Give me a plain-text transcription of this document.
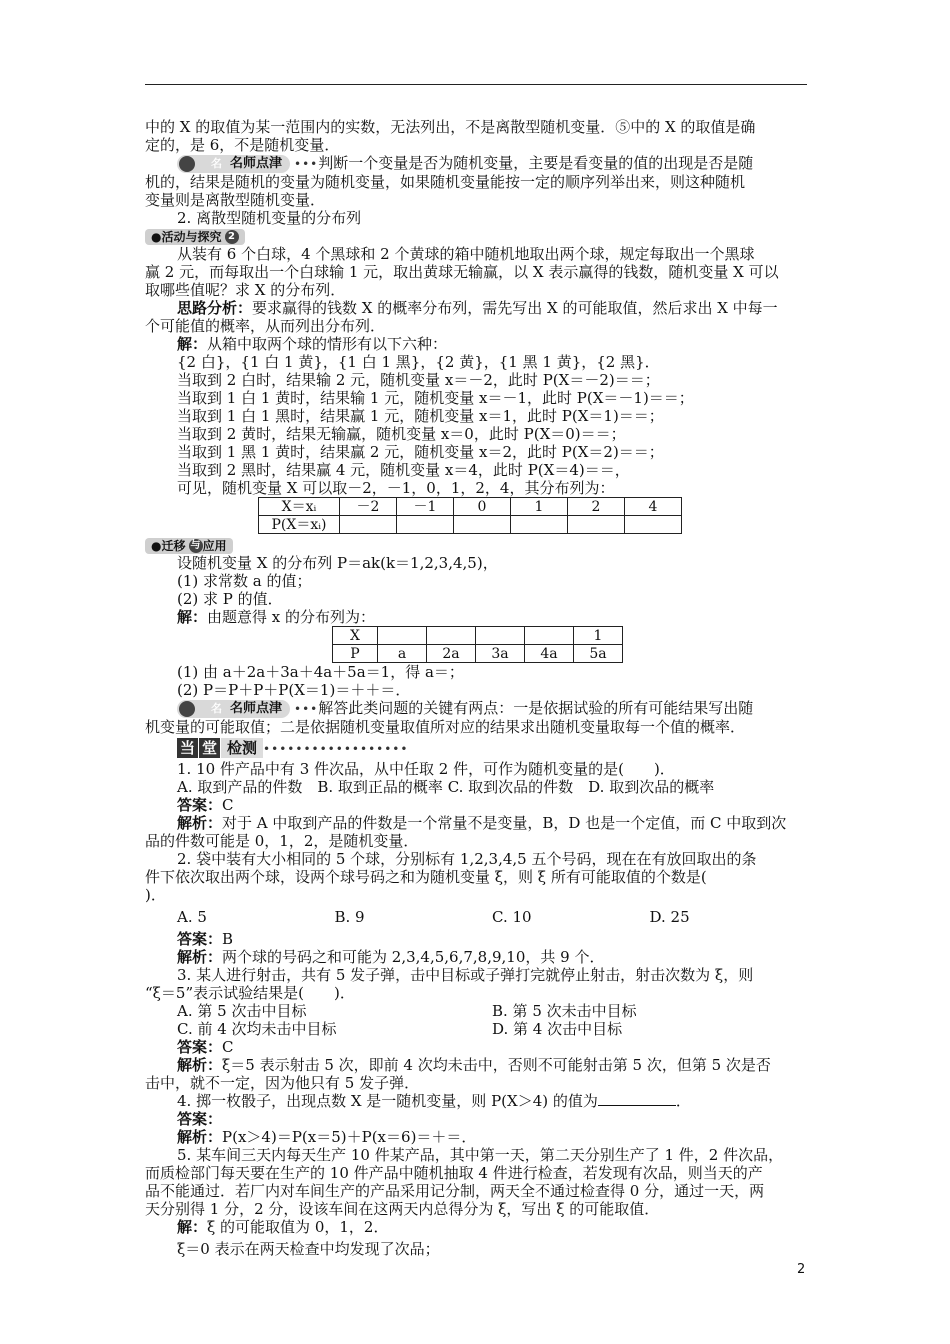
中的 X 的取值为某一范围内的实数，无法列出，不是离散型随机变量．⑤中的 X 的取值是确

定的，是 6，不是随机变量．

名 名师点津 •••判断一个变量是否为随机变量，主要是看变量的值的出现是否是随

机的，结果是随机的变量为随机变量，如果随机变量能按一定的顺序列举出来，则这种随机

变量则是离散型随机变量．

2. 离散型随机变量的分布列

● 活动与探究 2

从装有 6 个白球，4 个黑球和 2 个黄球的箱中随机地取出两个球，规定每取出一个黑球

赢 2 元，而每取出一个白球输 1 元，取出黄球无输赢，以 X 表示赢得的钱数，随机变量 X 可以

取哪些值呢？求 X 的分布列．

思路分析：要求赢得的钱数 X 的概率分布列，需先写出 X 的可能取值，然后求出 X 中每一

个可能值的概率，从而列出分布列．

解：从箱中取两个球的情形有以下六种：

{2 白}，{1 白 1 黄}，{1 白 1 黑}，{2 黄}，{1 黑 1 黄}，{2 黑}．

当取到 2 白时，结果输 2 元，随机变量 x＝－2，此时 P(X＝－2)＝＝；

当取到 1 白 1 黄时，结果输 1 元，随机变量 x＝－1，此时 P(X＝－1)＝＝；

当取到 1 白 1 黑时，结果赢 1 元，随机变量 x＝1，此时 P(X＝1)＝＝；

当取到 2 黄时，结果无输赢，随机变量 x＝0，此时 P(X＝0)＝＝；

当取到 1 黑 1 黄时，结果赢 2 元，随机变量 x＝2，此时 P(X＝2)＝＝；

当取到 2 黑时，结果赢 4 元，随机变量 x＝4，此时 P(X＝4)＝＝，

可见，随机变量 X 可以取－2，－1，0，1，2，4，其分布列为：

X＝xᵢ	－2	－1	0	1	2	4
P(X＝xᵢ)						

● 迁移 与 应用

设随机变量 X 的分布列 P＝ak(k＝1,2,3,4,5)，

(1) 求常数 a 的值；

(2) 求 P 的值．

解：由题意得 x 的分布列为：

X					1
P	a	2a	3a	4a	5a

(1) 由 a＋2a＋3a＋4a＋5a＝1，得 a＝；

(2) P＝P＋P＋P(X＝1)＝＋＋＝．

名 名师点津 •••解答此类问题的关键有两点：一是依据试验的所有可能结果写出随

机变量的可能取值；二是依据随机变量取值所对应的结果求出随机变量取每一个值的概率．

当 堂 检测 ••••••••••••••••••

1. 10 件产品中有 3 件次品，从中任取 2 件，可作为随机变量的是(　　)．

A. 取到产品的件数　B. 取到正品的概率 C. 取到次品的件数　D. 取到次品的概率

答案：C

解析：对于 A 中取到产品的件数是一个常量不是变量，B，D 也是一个定值，而 C 中取到次

品的件数可能是 0，1，2，是随机变量．

2. 袋中装有大小相同的 5 个球，分别标有 1,2,3,4,5 五个号码，现在在有放回取出的条

件下依次取出两个球，设两个球号码之和为随机变量 ξ，则 ξ 所有可能取值的个数是(

)．

A. 5	B. 9	C. 10	D. 25

答案：B

解析：两个球的号码之和可能为 2,3,4,5,6,7,8,9,10，共 9 个．

3. 某人进行射击，共有 5 发子弹，击中目标或子弹打完就停止射击，射击次数为 ξ，则

“ξ＝5”表示试验结果是(　　)．

A. 第 5 次击中目标	B. 第 5 次未击中目标

C. 前 4 次均未击中目标	D. 第 4 次击中目标

答案：C

解析：ξ＝5 表示射击 5 次，即前 4 次均未击中，否则不可能射击第 5 次，但第 5 次是否

击中，就不一定，因为他只有 5 发子弹．

4. 掷一枚骰子，出现点数 X 是一随机变量，则 P(X＞4) 的值为	．

答案：

解析：P(x＞4)＝P(x＝5)＋P(x＝6)＝＋＝．

5. 某车间三天内每天生产 10 件某产品，其中第一天，第二天分别生产了 1 件，2 件次品，

而质检部门每天要在生产的 10 件产品中随机抽取 4 件进行检查，若发现有次品，则当天的产

品不能通过．若厂内对车间生产的产品采用记分制，两天全不通过检查得 0 分，通过一天，两

天分别得 1 分，2 分，设该车间在这两天内总得分为 ξ，写出 ξ 的可能取值．

解：ξ 的可能取值为 0，1，2．

ξ＝0 表示在两天检查中均发现了次品；

2
